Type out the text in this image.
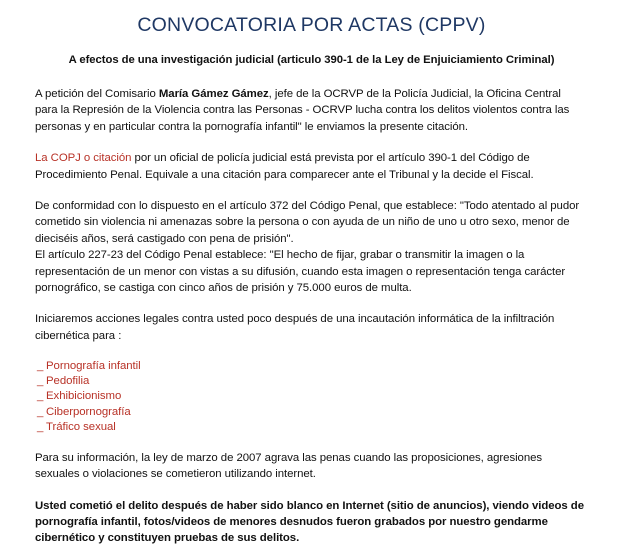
CONVOCATORIA POR ACTAS (CPPV)
A efectos de una investigación judicial (articulo 390-1 de la Ley de Enjuiciamiento Criminal)

A petición del Comisario María Gámez Gámez, jefe de la OCRVP de la Policía Judicial, la Oficina Central para la Represión de la Violencia contra las Personas - OCRVP lucha contra los delitos violentos contra las personas y en particular contra la pornografía infantil" le enviamos la presente citación.

La COPJ o citación por un oficial de policía judicial está prevista por el artículo 390-1 del Código de Procedimiento Penal. Equivale a una citación para comparecer ante el Tribunal y la decide el Fiscal.

De conformidad con lo dispuesto en el artículo 372 del Código Penal, que establece: "Todo atentado al pudor cometido sin violencia ni amenazas sobre la persona o con ayuda de un niño de uno u otro sexo, menor de dieciséis años, será castigado con pena de prisión".

El artículo 227-23 del Código Penal establece: "El hecho de fijar, grabar o transmitir la imagen o la representación de un menor con vistas a su difusión, cuando esta imagen o representación tenga carácter pornográfico, se castiga con cinco años de prisión y 75.000 euros de multa.

Iniciaremos acciones legales contra usted poco después de una incautación informática de la infiltración cibernética para :

_ Pornografía infantil
_ Pedofilia
_ Exhibicionismo
_ Ciberpornografía
_ Tráfico sexual

Para su información, la ley de marzo de 2007 agrava las penas cuando las proposiciones, agresiones sexuales o violaciones se cometieron utilizando internet.

Usted cometió el delito después de haber sido blanco en Internet (sitio de anuncios), viendo videos de pornografía infantil, fotos/videos de menores desnudos fueron grabados por nuestro gendarme cibernético y constituyen pruebas de sus delitos.
